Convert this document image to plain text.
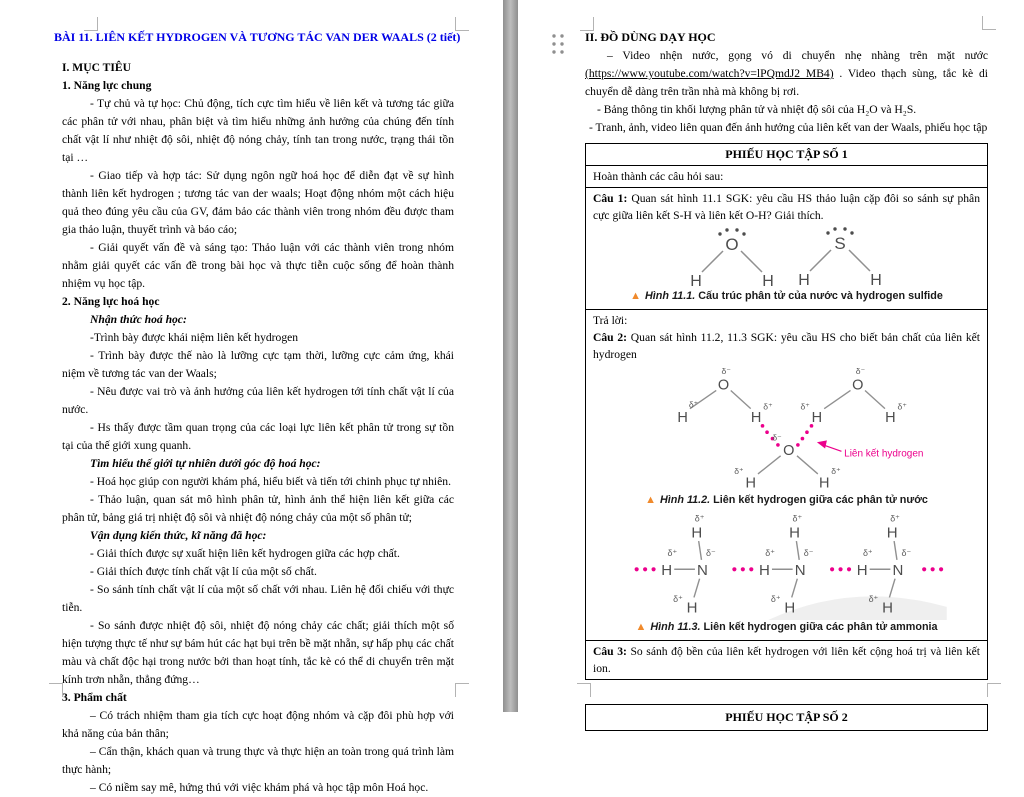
BÀI 11. LIÊN KẾT HYDROGEN VÀ TƯƠNG TÁC VAN DER WAALS (2 tiết)
I. MỤC TIÊU
1. Năng lực chung
- Tự chủ và tự học: Chủ động, tích cực tìm hiểu về liên kết và tương tác giữa các phân tử với nhau, phân biệt và tìm hiểu những ảnh hưởng của chúng đến tính chất vật lí như nhiệt độ sôi, nhiệt độ nóng chảy, tính tan trong nước, trạng thái tồn tại …
- Giao tiếp và hợp tác: Sử dụng ngôn ngữ hoá học để diễn đạt về sự hình thành liên kết hydrogen ; tương tác van der waals; Hoạt động nhóm một cách hiệu quả theo đúng yêu cầu của GV, đảm bảo các thành viên trong nhóm đều được tham gia thảo luận, thuyết trình và báo cáo;
- Giải quyết vấn đề và sáng tạo: Thảo luận với các thành viên trong nhóm nhằm giải quyết các vấn đề trong bài học và thực tiễn cuộc sống để hoàn thành nhiệm vụ học tập.
2. Năng lực hoá học
Nhận thức hoá học:
-Trình bày được khái niệm liên kết hydrogen
- Trình bày được thế nào là lưỡng cực tạm thời, lưỡng cực cảm ứng, khái niệm về tương tác van der Waals;
- Nêu được vai trò và ảnh hưởng của liên kết hydrogen tới tính chất vật lí của nước.
- Hs thấy được tầm quan trọng của các loại lực liên kết phân tử trong sự tồn tại của thế giới xung quanh.
Tìm hiểu thế giới tự nhiên dưới góc độ hoá học:
- Hoá học giúp con người khám phá, hiểu biết và tiến tới chinh phục tự nhiên.
- Thảo luận, quan sát mô hình phân tử, hình ảnh thể hiện liên kết giữa các phân tử, bảng giá trị nhiệt độ sôi và nhiệt độ nóng chảy của một số phân tử;
Vận dụng kiến thức, kĩ năng đã học:
- Giải thích được sự xuất hiện liên kết hydrogen giữa các hợp chất.
- Giải thích được tính chất vật lí của một số chất.
- So sánh tính chất vật lí của một số chất với nhau. Liên hệ đối chiếu với thực tiễn.
- So sánh được nhiệt độ sôi, nhiệt độ nóng chảy các chất; giải thích một số hiện tượng thực tế như sự bám hút các hạt bụi trên bề mặt nhẵn, sự hấp phụ các chất màu và chất độc hại trong nước bởi than hoạt tính, tắc kè có thể di chuyển trên mặt kính trơn nhẵn, thẳng đứng…
3. Phẩm chất
– Có trách nhiệm tham gia tích cực hoạt động nhóm và cặp đôi phù hợp với khả năng của bản thân;
– Cẩn thận, khách quan và trung thực và thực hiện an toàn trong quá trình làm thực hành;
– Có niềm say mê, hứng thú với việc khám phá và học tập môn Hoá học.
II. ĐỒ DÙNG DẠY HỌC

– Video nhện nước, gọng vó di chuyển nhẹ nhàng trên mặt nước (https://www.youtube.com/watch?v=lPQmdJ2_MB4) . Video thạch sùng, tắc kè di chuyển dễ dàng trên trần nhà mà không bị rơi.

- Bảng thông tin khối lượng phân tử và nhiệt độ sôi của H₂O và H₂S.

- Tranh, ảnh, video liên quan đến ảnh hưởng của liên kết van der Waals, phiếu học tập

PHIẾU HỌC TẬP SỐ 1
Hoàn thành các câu hỏi sau:
Câu 1: Quan sát hình 11.1 SGK: yêu cầu HS thảo luận cặp đôi so sánh sự phân cực giữa liên kết S-H và liên kết O-H? Giải thích.
O
H	H
S
H	H
▲ Hình 11.1. Cấu trúc phân tử của nước và hydrogen sulfide
Trả lời:
Câu 2: Quan sát hình 11.2, 11.3 SGK: yêu cầu HS cho biết bản chất của liên kết hydrogen
O
H	H
O
H	H
O
H	H
δ⁻	δ⁻
δ⁻
δ⁺	δ⁺	δ⁺	δ⁺
δ⁺	δ⁺
Liên kết hydrogen
▲ Hình 11.2. Liên kết hydrogen giữa các phân tử nước
H N
H
H
H N
H
H
H N
H
H
δ⁺
δ⁺
δ⁺
δ⁻	δ⁺
δ⁺
δ⁺
δ⁻	δ⁺
δ⁺
δ⁺
δ⁻
▲ Hình 11.3. Liên kết hydrogen giữa các phân tử ammonia
Câu 3: So sánh độ bền của liên kết hydrogen với liên kết cộng hoá trị và liên kết ion.
PHIẾU HỌC TẬP SỐ 2
